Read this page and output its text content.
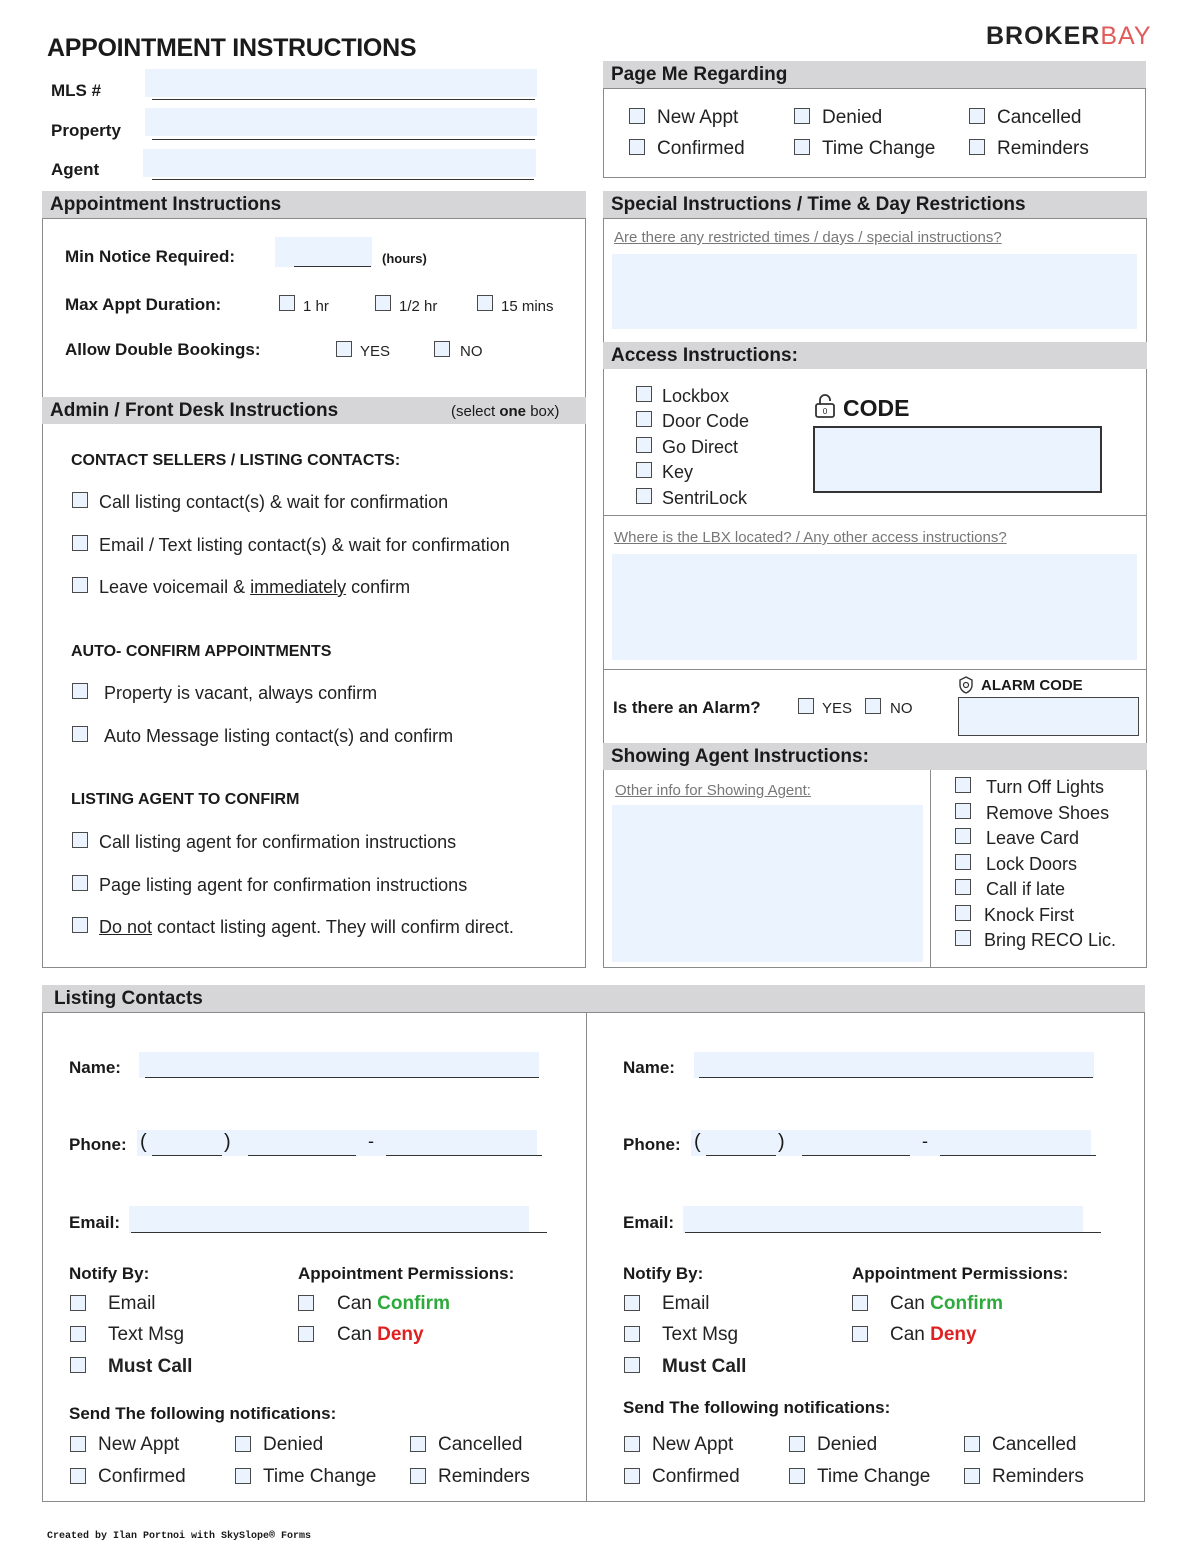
APPOINTMENT INSTRUCTIONS	BROKERBAY
MLS #
Property
Agent
Page Me Regarding
New Appt	Denied	Cancelled
Confirmed	Time Change	Reminders
Appointment Instructions
Min Notice Required:	(hours)
Max Appt Duration:	1 hr	1/2 hr	15 mins
Allow Double Bookings:	YES	NO
Admin / Front Desk Instructions	(select one box)
CONTACT SELLERS / LISTING CONTACTS:
Call listing contact(s) & wait for confirmation
Email / Text listing contact(s) & wait for confirmation
Leave voicemail & immediately confirm
AUTO- CONFIRM APPOINTMENTS
Property is vacant, always confirm
Auto Message listing contact(s) and confirm
LISTING AGENT TO CONFIRM
Call listing agent for confirmation instructions
Page listing agent for confirmation instructions
Do not contact listing agent. They will confirm direct.
Special Instructions / Time & Day Restrictions
Are there any restricted times / days / special instructions?
Access Instructions:
Lockbox
Door Code
Go Direct
Key
SentriLock
0 CODE
Where is the LBX located? / Any other access instructions?
Is there an Alarm?	YES	NO
ALARM CODE
Showing Agent Instructions:
Other info for Showing Agent:	Turn Off Lights
Remove Shoes
Leave Card
Lock Doors
Call if late
Knock First
Bring RECO Lic.
Listing Contacts
Name:
Phone: (	)	-
Email:
Notify By:
Email
Text Msg
Must Call
Appointment Permissions:
Can Confirm
Can Deny
Send The following notifications:
New Appt	Denied	Cancelled
Confirmed	Time Change	Reminders
Name:
Phone: (	)	-
Email:
Notify By:
Email
Text Msg
Must Call
Appointment Permissions:
Can Confirm
Can Deny
Send The following notifications:
New Appt	Denied	Cancelled
Confirmed	Time Change	Reminders
Created by Ilan Portnoi with SkySlope® Forms
